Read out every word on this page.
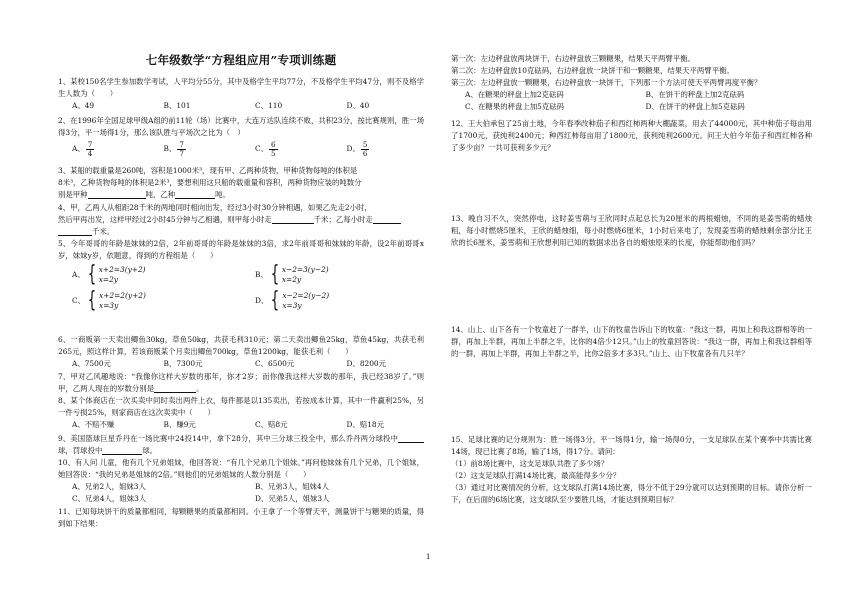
七年级数学“方程组应用”专项训练题

1、某校150名学生参加数学考试，人平均分55分，其中及格学生平均77分，不及格学生平均47分，则不及格学生人数为（　　）

A、49	B、101	C、110	D、40

2、在1996年全国足球甲级A组的前11轮（场）比赛中，大连万达队连续不败，共积23分，按比赛规则，胜一场得3分，平一场得1分，那么该队胜与平场次之比为（　）

A、 $\frac{7}{4}$	B、 $\frac{7}{7}$	C、 $\frac{6}{5}$	D、 $\frac{5}{6}$

3、某船的载重量是260吨，容积是1000米³，现有甲、乙两种货物，甲种货物每吨的体积是

8米³，乙种货物每吨的体积是2米³，要想利用这只船的载重量和容积，两种货物应装的吨数分

别是甲种	吨，乙种	吨。

4、甲，乙两人从相距28千米的两地同时相向出发，经过3小时30分钟相遇，如果乙先走2小时，

然后甲再出发，这样甲经过2小时45分钟与乙相遇，则甲每小时走	千米；乙每小时走

千米。

5、今年哥哥的年龄是妹妹的2倍，2年前哥哥的年龄是妹妹的3倍，求2年前哥哥和妹妹的年龄，设2年前哥哥x岁，妹妹y岁，依题意，得到的方程组是（　　）

A、 { x+2=3(y+2)
x=2y
B、 { x−2=3(y−2)
x=2y
C、 { x+2=2(y+2)
x=3y
D、 { x−2=2(y−2)
x=3y

6、一商贩第一天卖出鲫鱼30kg，草鱼50kg，共获毛利310元；第二天卖出鲫鱼25kg，草鱼45kg，共获毛利265元，照这样计算，若该商贩某个月卖出鲫鱼700kg，草鱼1200kg，能获毛利（　　）

A、7500元	B、7300元	C、6500元	D、8200元

7、甲对乙风趣地说：“我像你这样大岁数的那年，你才2岁；而你像我这样大岁数的那年，我已经38岁了。”则甲，乙两人现在的岁数分别是	。

8、某个体商店在一次买卖中同时卖出两件上衣，每件都是以135卖出，若按成本计算，其中一件赢利25%，另一件亏损25%，则家商店在这次卖卖中（　　）

A、不赔不赚	B、赚9元	C、赔8元	D、赔18元

9、美国篮球巨星乔丹在一场比赛中24投14中，拿下28分，其中三分球三投全中，那么乔丹两分球投中球，罚球投中	球。

10、有人问 儿童，他有几个兄弟姐妹，他回答说：“有几个兄弟几个姐妹。”再问他妹妹有几个兄弟，几个姐妹，她回答说：“我的兄弟是姐妹的2倍。”则他们的兄弟姐妹的人数分别是（　　）

A、兄弟2人，姐妹3人	B、兄弟3人，姐妹4人
C、兄弟4人，姐妹3人	D、兄弟5人，姐妹3人

11、已知每块饼干的质量都相同，每颗糖果的质量都相同。小王拿了一个等臂天平，测量饼干与糖果的质量，得到如下结果：

第一次：左边秤盘放两块饼干，右边秤盘放三颗糖果，结果天平两臂平衡。

第二次：左边秤盘放10克砝码，右边秤盘放一块饼干和一颗糖果，结果天平两臂平衡。

第三次：左边秤盘放一颗糖果，右边秤盘放一块饼干，下列那一个方法可使天平两臂再度平衡？

A、在糖果的秤盘上加2克砝码	B、在饼干的秤盘上加2克砝码
C、在糖果的秤盘上加5克砝码	D、在饼干的秤盘上加5克砝码

12、王大伯承包了25亩土地，今年春季改种茄子和西红柿两种大棚蔬菜，用去了44000元，其中种茄子每亩用了1700元，获纯利2400元；种西红柿每亩用了1800元，获利纯利2600元。问王大伯今年茄子和西红柿各种了多少亩？一共可获利多少元？

13、晚自习不久，突然停电，这时姜雪萌与王欣同时点起总长为20厘米的两根蜡烛，不同的是姜雪萌的蜡烛粗，每小时燃烧5厘米，王欣的蜡烛细，每小时燃烧6厘米，1小时后来电了，发现姜雪萌的蜡烛剩余部分比王欣的长6厘米，姜雪萌和王欣想利用已知的数据求出各自的蜡烛原来的长度，你能帮助他们吗？

14、山上、山下各有一个牧童赶了一群羊，山下的牧童告诉山下的牧童：“我这一群，再加上和我这群相等的一群，再加上半群，再加上半群之半，比你的4倍少12只。”山上的牧童回答说：“我这一群，再加上和我这群相等的一群，再加上半群，再加上半群之半，比你2倍多才多3只。”山上、山下牧童各有几只羊？

15、足球比赛的记分规则为：胜一场得3分，平一场得1分，输一场得0分，一支足球队在某个赛季中共需比赛14场，现已比赛了8场，输了1场，得17分。请问：

（1）前8场比赛中，这支足球队共胜了多少场？

（2）这支足球队打满14场比赛，最高能得多少分？

（3）通过对比赛情况的分析，这支球队打满14场比赛，得分不低于29分就可以达到预期的目标。请你分析一下，在后面的6场比赛，这支球队至少要胜几场，才能达到预期目标？

1
